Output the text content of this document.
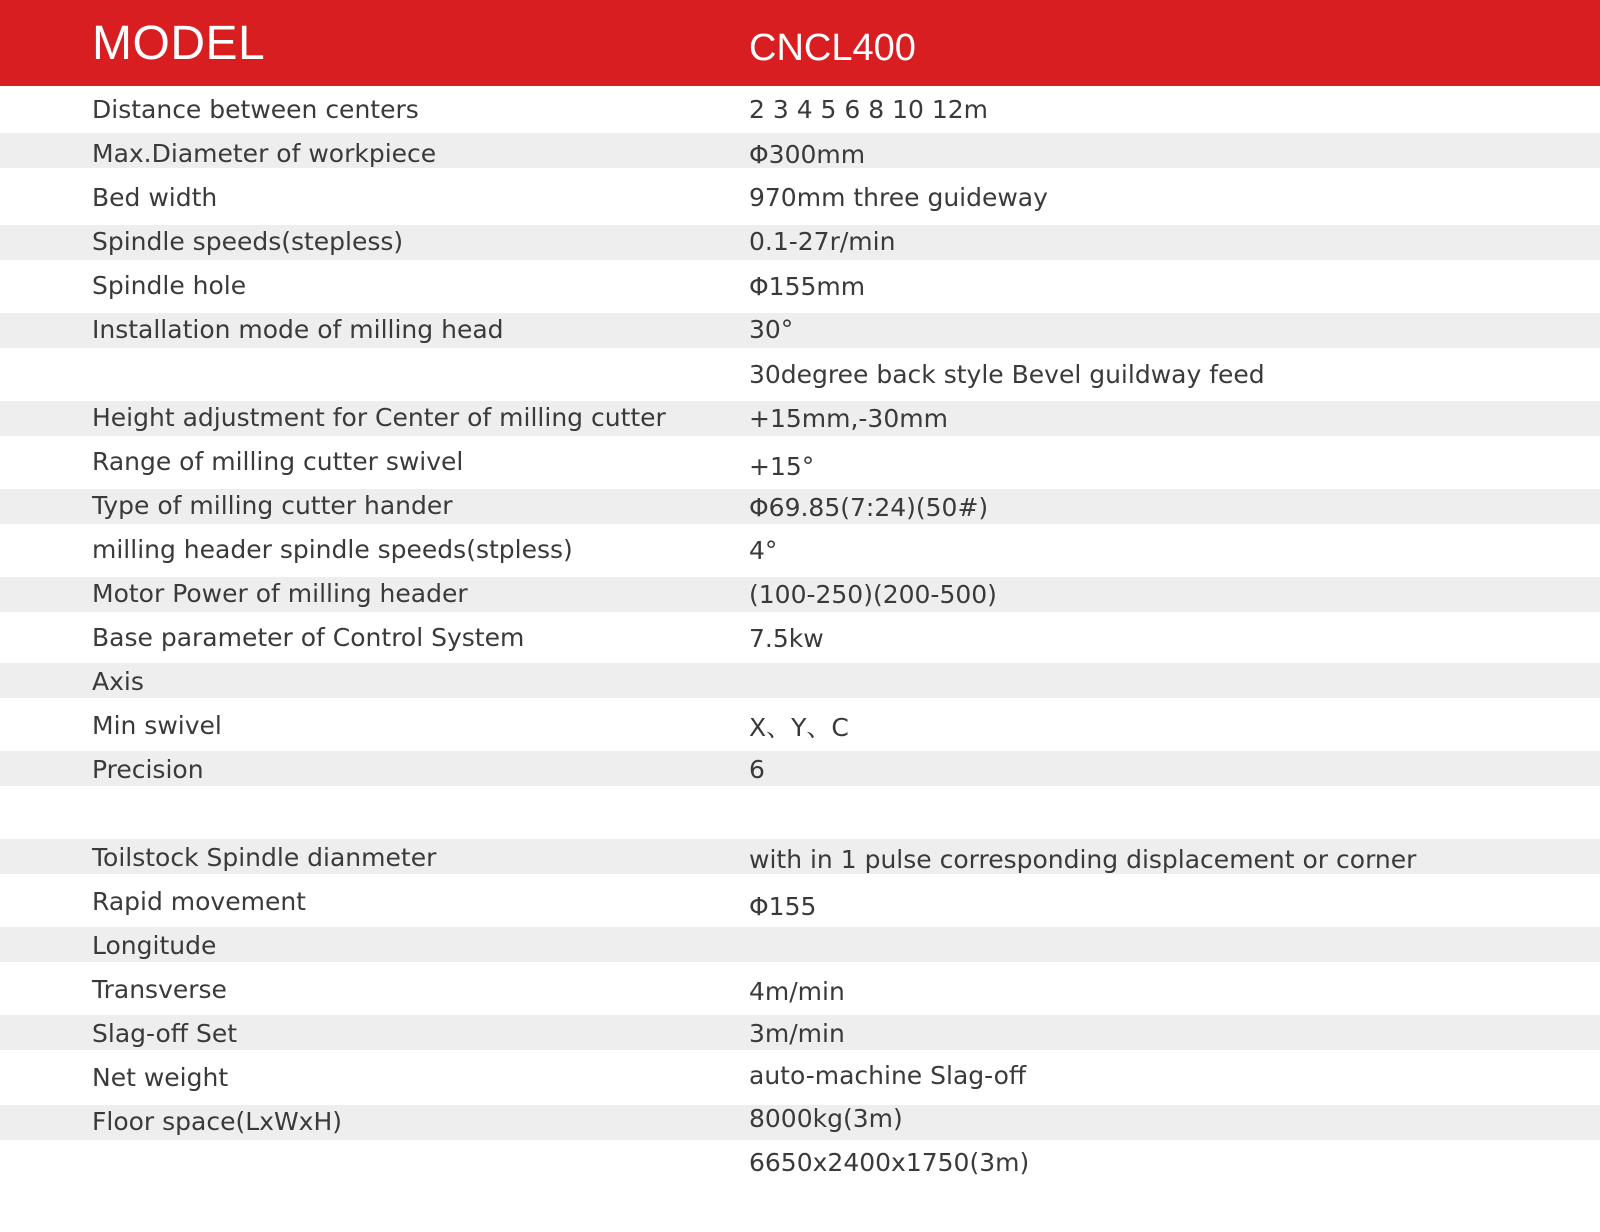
MODEL	CNCL400
Distance between centers
Max.Diameter of workpiece
Bed width
Spindle speeds(stepless)
Spindle hole
Installation mode of milling head
Height adjustment for Center of milling cutter
Range of milling cutter swivel
Type of milling cutter hander
milling header spindle speeds(stpless)
Motor Power of milling header
Base parameter of Control System
Axis
Min swivel
Precision
Toilstock Spindle dianmeter
Rapid movement
Longitude
Transverse
Slag-off Set
Net weight
Floor space(LxWxH)
2 3 4 5 6 8 10 12m
Φ300mm
970mm three guideway
0.1-27r/min
Φ155mm
30°
30degree back style Bevel guildway feed
+15mm,-30mm
+15°
Φ69.85(7:24)(50#)
4°
(100-250)(200-500)
7.5kw
X、Y、C
6
with in 1 pulse corresponding displacement or corner
Φ155
4m/min
3m/min
auto-machine Slag-off
8000kg(3m)
6650x2400x1750(3m)
